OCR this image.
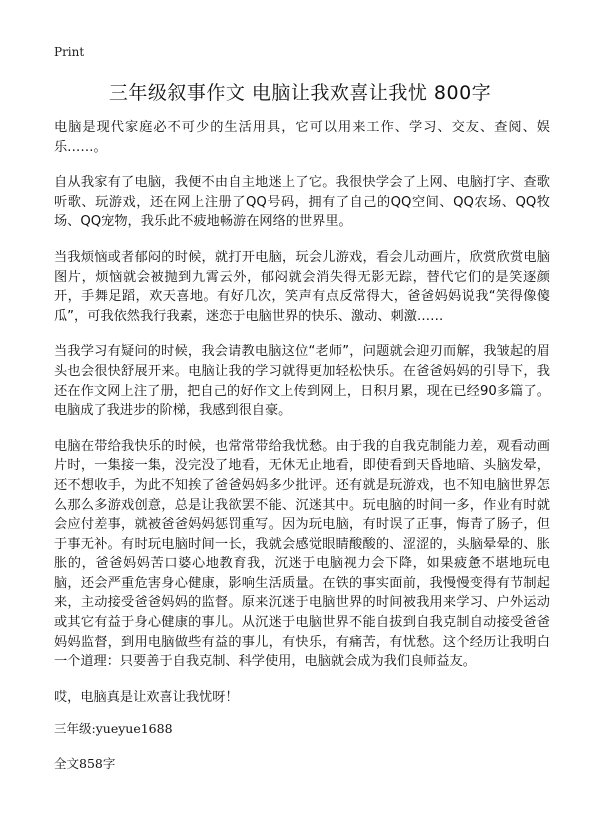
Print
三年级叙事作文 电脑让我欢喜让我忧 800字

电脑是现代家庭必不可少的生活用具，它可以用来工作、学习、交友、查阅、娱乐……。

自从我家有了电脑，我便不由自主地迷上了它。我很快学会了上网、电脑打字、查歌听歌、玩游戏，还在网上注册了QQ号码，拥有了自己的QQ空间、QQ农场、QQ牧场、QQ宠物，我乐此不疲地畅游在网络的世界里。

当我烦恼或者郁闷的时候，就打开电脑，玩会儿游戏，看会儿动画片，欣赏欣赏电脑图片，烦恼就会被抛到九霄云外，郁闷就会消失得无影无踪，替代它们的是笑逐颜开，手舞足蹈，欢天喜地。有好几次，笑声有点反常得大，爸爸妈妈说我“笑得像傻瓜”，可我依然我行我素，迷恋于电脑世界的快乐、激动、刺激……

当我学习有疑问的时候，我会请教电脑这位“老师”，问题就会迎刃而解，我皱起的眉头也会很快舒展开来。电脑让我的学习就得更加轻松快乐。在爸爸妈妈的引导下，我还在作文网上注了册，把自己的好作文上传到网上，日积月累，现在已经90多篇了。电脑成了我进步的阶梯，我感到很自豪。

电脑在带给我快乐的时候，也常常带给我忧愁。由于我的自我克制能力差，观看动画片时，一集接一集，没完没了地看，无休无止地看，即使看到天昏地暗、头脑发晕，还不想收手，为此不知挨了爸爸妈妈多少批评。还有就是玩游戏，也不知电脑世界怎么那么多游戏创意，总是让我欲罢不能、沉迷其中。玩电脑的时间一多，作业有时就会应付差事，就被爸爸妈妈惩罚重写。因为玩电脑，有时误了正事，悔青了肠子，但于事无补。有时玩电脑时间一长，我就会感觉眼睛酸酸的、涩涩的，头脑晕晕的、胀胀的，爸爸妈妈苦口婆心地教育我，沉迷于电脑视力会下降，如果疲惫不堪地玩电脑，还会严重危害身心健康，影响生活质量。在铁的事实面前，我慢慢变得有节制起来，主动接受爸爸妈妈的监督。原来沉迷于电脑世界的时间被我用来学习、户外运动或其它有益于身心健康的事儿。从沉迷于电脑世界不能自拔到自我克制自动接受爸爸妈妈监督，到用电脑做些有益的事儿，有快乐，有痛苦，有忧愁。这个经历让我明白一个道理：只要善于自我克制、科学使用，电脑就会成为我们良师益友。

哎，电脑真是让欢喜让我忧呀！

三年级:yueyue1688
全文858字
